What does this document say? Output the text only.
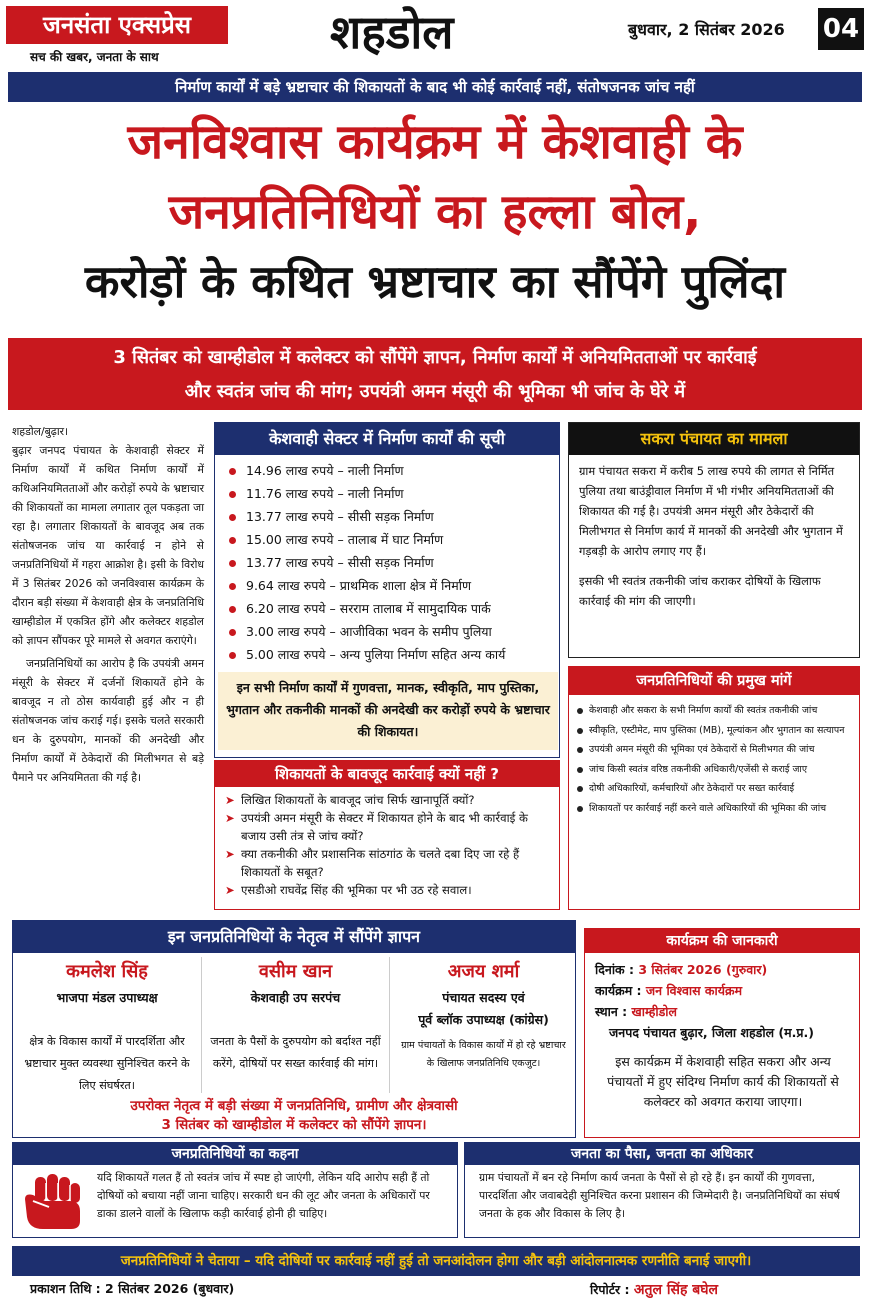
जनसंता एक्सप्रेस
सच की खबर, जनता के साथ	शहडोल	बुधवार, 2 सितंबर 2026 04
निर्माण कार्यों में बड़े भ्रष्टाचार की शिकायतों के बाद भी कोई कार्रवाई नहीं, संतोषजनक जांच नहीं
जनविश्वास कार्यक्रम में केशवाही के
जनप्रतिनिधियों का हल्ला बोल,
करोड़ों के कथित भ्रष्टाचार का सौंपेंगे पुलिंदा
3 सितंबर को खाम्हीडोल में कलेक्टर को सौंपेंगे ज्ञापन, निर्माण कार्यों में अनियमितताओं पर कार्रवाई
और स्वतंत्र जांच की मांग; उपयंत्री अमन मंसूरी की भूमिका भी जांच के घेरे में

शहडोल/बुढ़ार।

बुढ़ार जनपद पंचायत के केशवाही सेक्टर में निर्माण कार्यों में कथित निर्माण कार्यों में कथिअनियमितताओं और करोड़ों रुपये के भ्रष्टाचार की शिकायतों का मामला लगातार तूल पकड़ता जा रहा है। लगातार शिकायतों के बावजूद अब तक संतोषजनक जांच या कार्रवाई न होने से जनप्रतिनिधियों में गहरा आक्रोश है। इसी के विरोध में 3 सितंबर 2026 को जनविश्वास कार्यक्रम के दौरान बड़ी संख्या में केशवाही क्षेत्र के जनप्रतिनिधि खाम्हीडोल में एकत्रित होंगे और कलेक्टर शहडोल को ज्ञापन सौंपकर पूरे मामले से अवगत कराएंगे।

जनप्रतिनिधियों का आरोप है कि उपयंत्री अमन मंसूरी के सेक्टर में दर्जनों शिकायतें होने के बावजूद न तो ठोस कार्यवाही हुई और न ही संतोषजनक जांच कराई गई। इसके चलते सरकारी धन के दुरुपयोग, मानकों की अनदेखी और निर्माण कार्यों में ठेकेदारों की मिलीभगत से बड़े पैमाने पर अनियमितता की गई है।

केशवाही सेक्टर में निर्माण कार्यों की सूची
14.96 लाख रुपये – नाली निर्माण
11.76 लाख रुपये – नाली निर्माण
13.77 लाख रुपये – सीसी सड़क निर्माण
15.00 लाख रुपये – तालाब में घाट निर्माण
13.77 लाख रुपये – सीसी सड़क निर्माण
9.64 लाख रुपये – प्राथमिक शाला क्षेत्र में निर्माण
6.20 लाख रुपये – सरराम तालाब में सामुदायिक पार्क
3.00 लाख रुपये – आजीविका भवन के समीप पुलिया
5.00 लाख रुपये – अन्य पुलिया निर्माण सहित अन्य कार्य
इन सभी निर्माण कार्यों में गुणवत्ता, मानक, स्वीकृति, माप पुस्तिका, भुगतान और तकनीकी मानकों की अनदेखी कर करोड़ों रुपये के भ्रष्टाचार की शिकायत।
शिकायतों के बावजूद कार्रवाई क्यों नहीं ?
➤ लिखित शिकायतों के बावजूद जांच सिर्फ खानापूर्ति क्यों?
➤ उपयंत्री अमन मंसूरी के सेक्टर में शिकायत होने के बाद भी कार्रवाई के बजाय उसी तंत्र से जांच क्यों?
➤ क्या तकनीकी और प्रशासनिक सांठगांठ के चलते दबा दिए जा रहे हैं शिकायतों के सबूत?
➤ एसडीओ राघवेंद्र सिंह की भूमिका पर भी उठ रहे सवाल।
सकरा पंचायत का मामला

ग्राम पंचायत सकरा में करीब 5 लाख रुपये की लागत से निर्मित पुलिया तथा बाउंड्रीवाल निर्माण में भी गंभीर अनियमितताओं की शिकायत की गई है। उपयंत्री अमन मंसूरी और ठेकेदारों की मिलीभगत से निर्माण कार्य में मानकों की अनदेखी और भुगतान में गड़बड़ी के आरोप लगाए गए हैं।

इसकी भी स्वतंत्र तकनीकी जांच कराकर दोषियों के खिलाफ कार्रवाई की मांग की जाएगी।

जनप्रतिनिधियों की प्रमुख मांगें
केशवाही और सकरा के सभी निर्माण कार्यों की स्वतंत्र तकनीकी जांच
स्वीकृति, एस्टीमेट, माप पुस्तिका (MB), मूल्यांकन और भुगतान का सत्यापन
उपयंत्री अमन मंसूरी की भूमिका एवं ठेकेदारों से मिलीभगत की जांच
जांच किसी स्वतंत्र वरिष्ठ तकनीकी अधिकारी/एजेंसी से कराई जाए
दोषी अधिकारियों, कर्मचारियों और ठेकेदारों पर सख्त कार्रवाई
शिकायतों पर कार्रवाई नहीं करने वाले अधिकारियों की भूमिका की जांच
इन जनप्रतिनिधियों के नेतृत्व में सौंपेंगे ज्ञापन
कमलेश सिंह
भाजपा मंडल उपाध्यक्ष
क्षेत्र के विकास कार्यों में पारदर्शिता और भ्रष्टाचार मुक्त व्यवस्था सुनिश्चित करने के लिए संघर्षरत।
वसीम खान
केशवाही उप सरपंच
जनता के पैसों के दुरुपयोग को बर्दाश्त नहीं करेंगे, दोषियों पर सख्त कार्रवाई की मांग।
अजय शर्मा
पंचायत सदस्य एवं
पूर्व ब्लॉक उपाध्यक्ष (कांग्रेस)
ग्राम पंचायतों के विकास कार्यों में हो रहे भ्रष्टाचार के खिलाफ जनप्रतिनिधि एकजुट।
उपरोक्त नेतृत्व में बड़ी संख्या में जनप्रतिनिधि, ग्रामीण और क्षेत्रवासी
3 सितंबर को खाम्हीडोल में कलेक्टर को सौंपेंगे ज्ञापन।
कार्यक्रम की जानकारी
दिनांक : 3 सितंबर 2026 (गुरुवार)
कार्यक्रम : जन विश्वास कार्यक्रम
स्थान : खाम्हीडोल
जनपद पंचायत बुढ़ार, जिला शहडोल (म.प्र.)
इस कार्यक्रम में केशवाही सहित सकरा और अन्य पंचायतों में हुए संदिग्ध निर्माण कार्य की शिकायतों से कलेक्टर को अवगत कराया जाएगा।
जनप्रतिनिधियों का कहना
यदि शिकायतें गलत हैं तो स्वतंत्र जांच में स्पष्ट हो जाएंगी, लेकिन यदि आरोप सही हैं तो दोषियों को बचाया नहीं जाना चाहिए। सरकारी धन की लूट और जनता के अधिकारों पर डाका डालने वालों के खिलाफ कड़ी कार्रवाई होनी ही चाहिए।
जनता का पैसा, जनता का अधिकार
ग्राम पंचायतों में बन रहे निर्माण कार्य जनता के पैसों से हो रहे हैं। इन कार्यों की गुणवत्ता, पारदर्शिता और जवाबदेही सुनिश्चित करना प्रशासन की जिम्मेदारी है। जनप्रतिनिधियों का संघर्ष जनता के हक और विकास के लिए है।
जनप्रतिनिधियों ने चेताया – यदि दोषियों पर कार्रवाई नहीं हुई तो जनआंदोलन होगा और बड़ी आंदोलनात्मक रणनीति बनाई जाएगी।
प्रकाशन तिथि : 2 सितंबर 2026 (बुधवार)	रिपोर्टर : अतुल सिंह बघेल
